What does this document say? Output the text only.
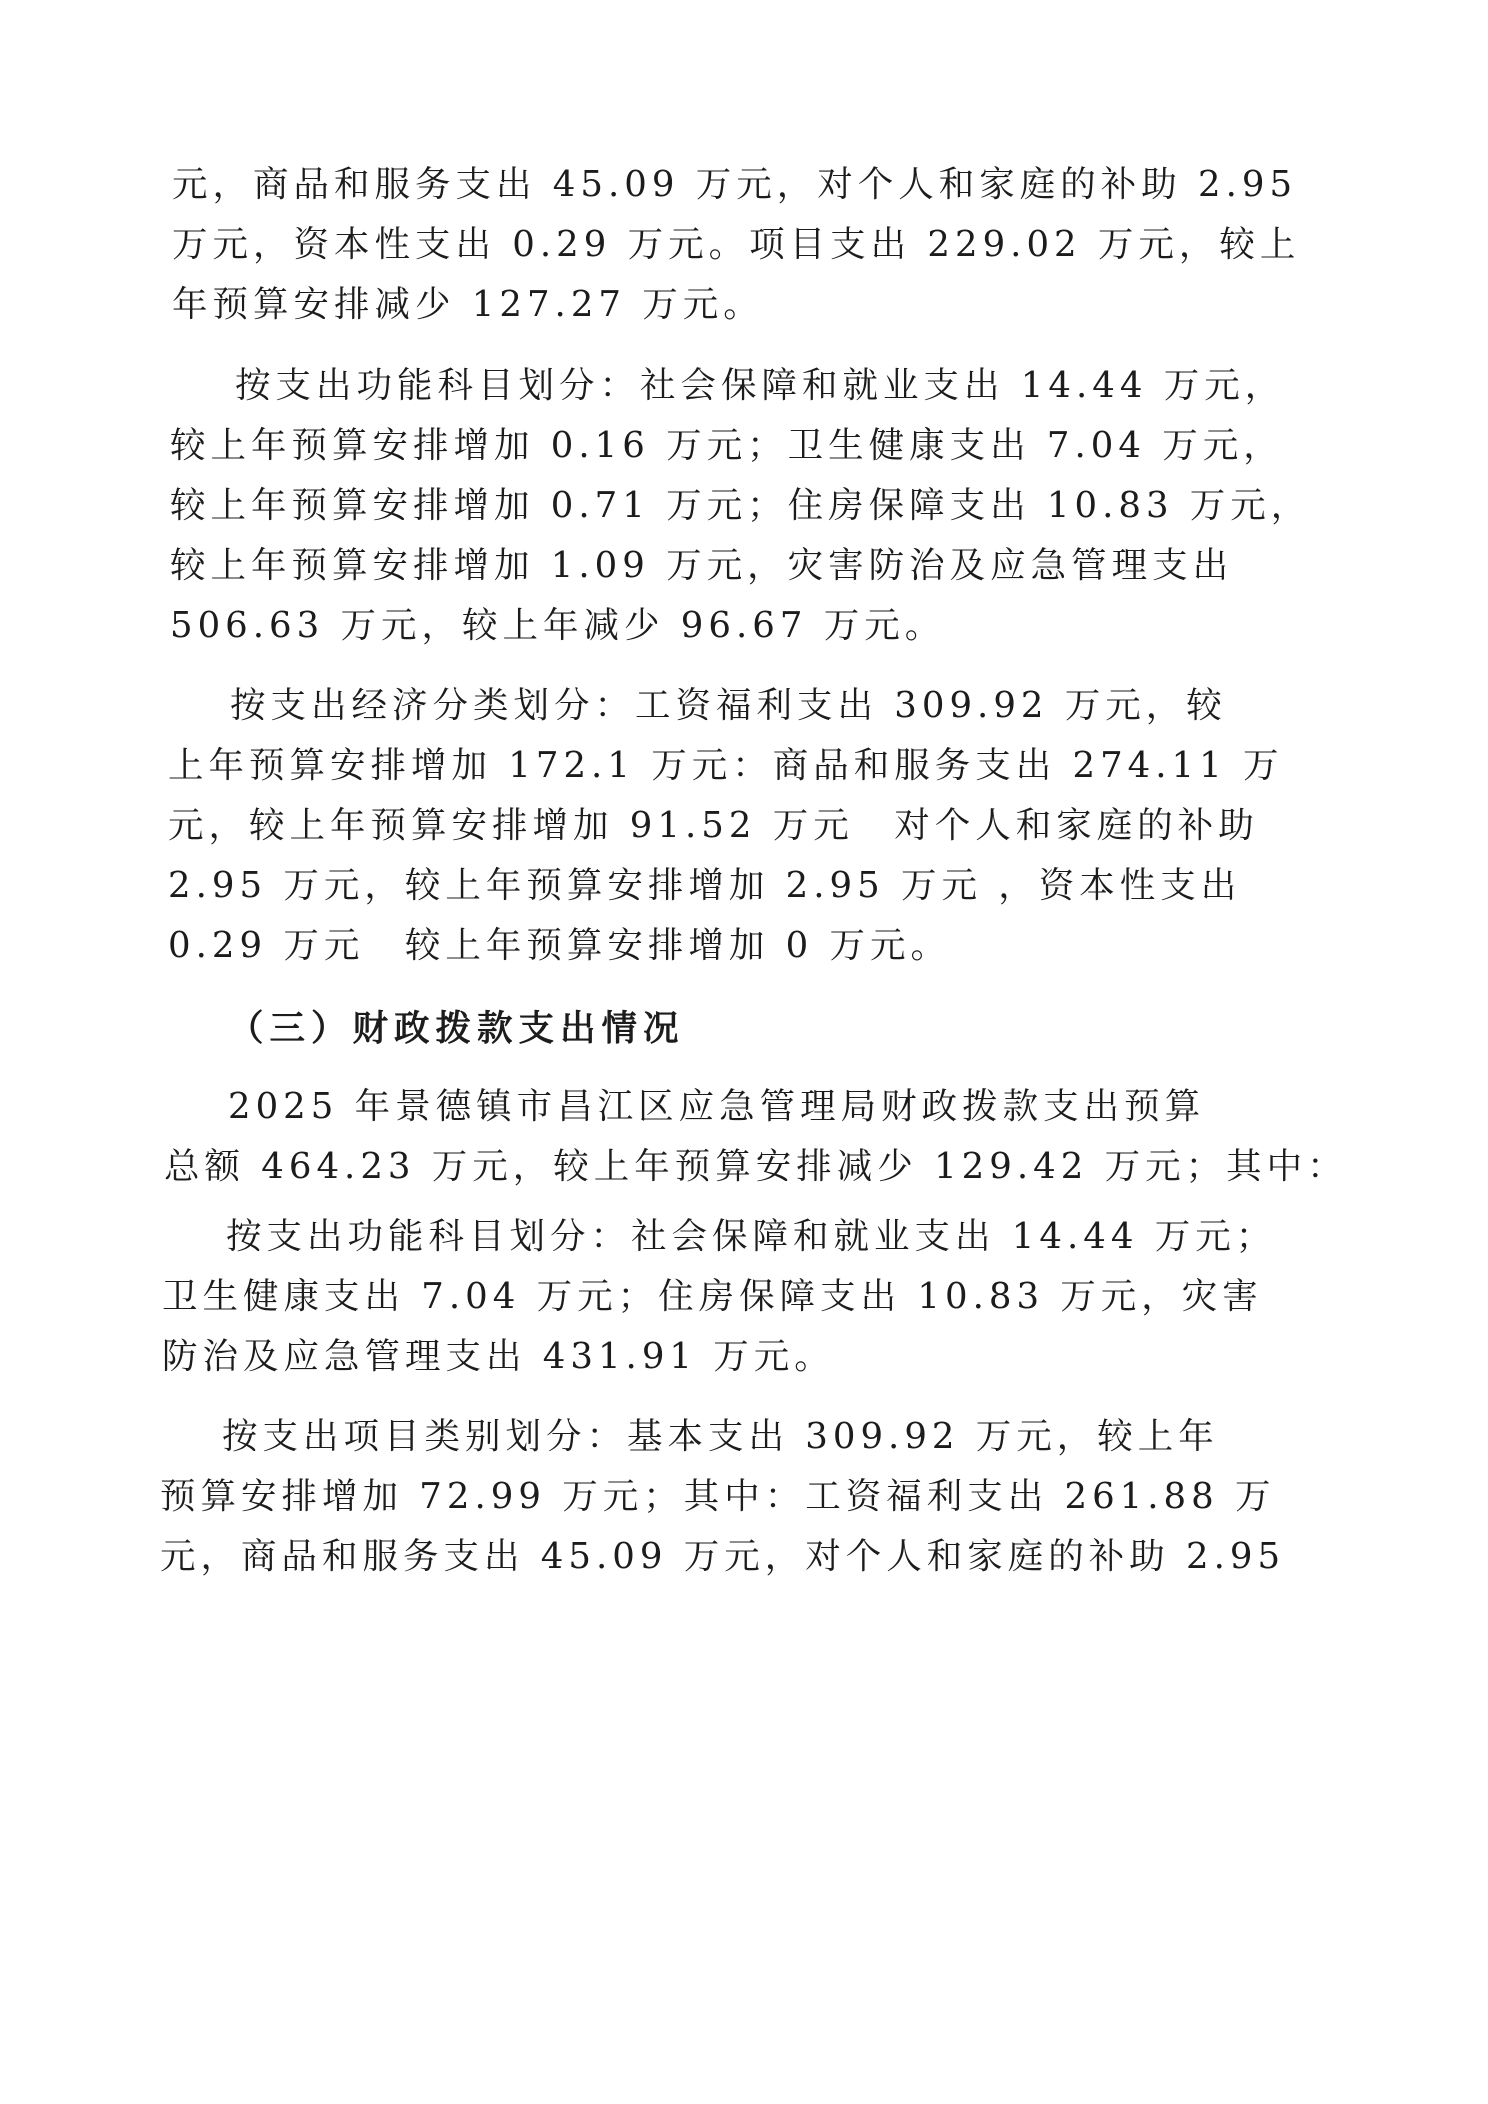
元，商品和服务支出 45.09 万元，对个人和家庭的补助 2.95
万元，资本性支出 0.29 万元。项目支出 229.02 万元，较上
年预算安排减少 127.27 万元。
按支出功能科目划分：社会保障和就业支出 14.44 万元，
较上年预算安排增加 0.16 万元；卫生健康支出 7.04 万元，
较上年预算安排增加 0.71 万元；住房保障支出 10.83 万元，
较上年预算安排增加 1.09 万元，灾害防治及应急管理支出
506.63 万元，较上年减少 96.67 万元。
按支出经济分类划分：工资福利支出 309.92 万元，较
上年预算安排增加 172.1 万元：商品和服务支出 274.11 万
元，较上年预算安排增加 91.52 万元　对个人和家庭的补助
2.95 万元，较上年预算安排增加 2.95 万元 ，资本性支出
0.29 万元　较上年预算安排增加 0 万元。
（三）财政拨款支出情况
2025 年景德镇市昌江区应急管理局财政拨款支出预算
总额 464.23 万元，较上年预算安排减少 129.42 万元；其中：
按支出功能科目划分：社会保障和就业支出 14.44 万元；
卫生健康支出 7.04 万元；住房保障支出 10.83 万元，灾害
防治及应急管理支出 431.91 万元。
按支出项目类别划分：基本支出 309.92 万元，较上年
预算安排增加 72.99 万元；其中：工资福利支出 261.88 万
元，商品和服务支出 45.09 万元，对个人和家庭的补助 2.95
